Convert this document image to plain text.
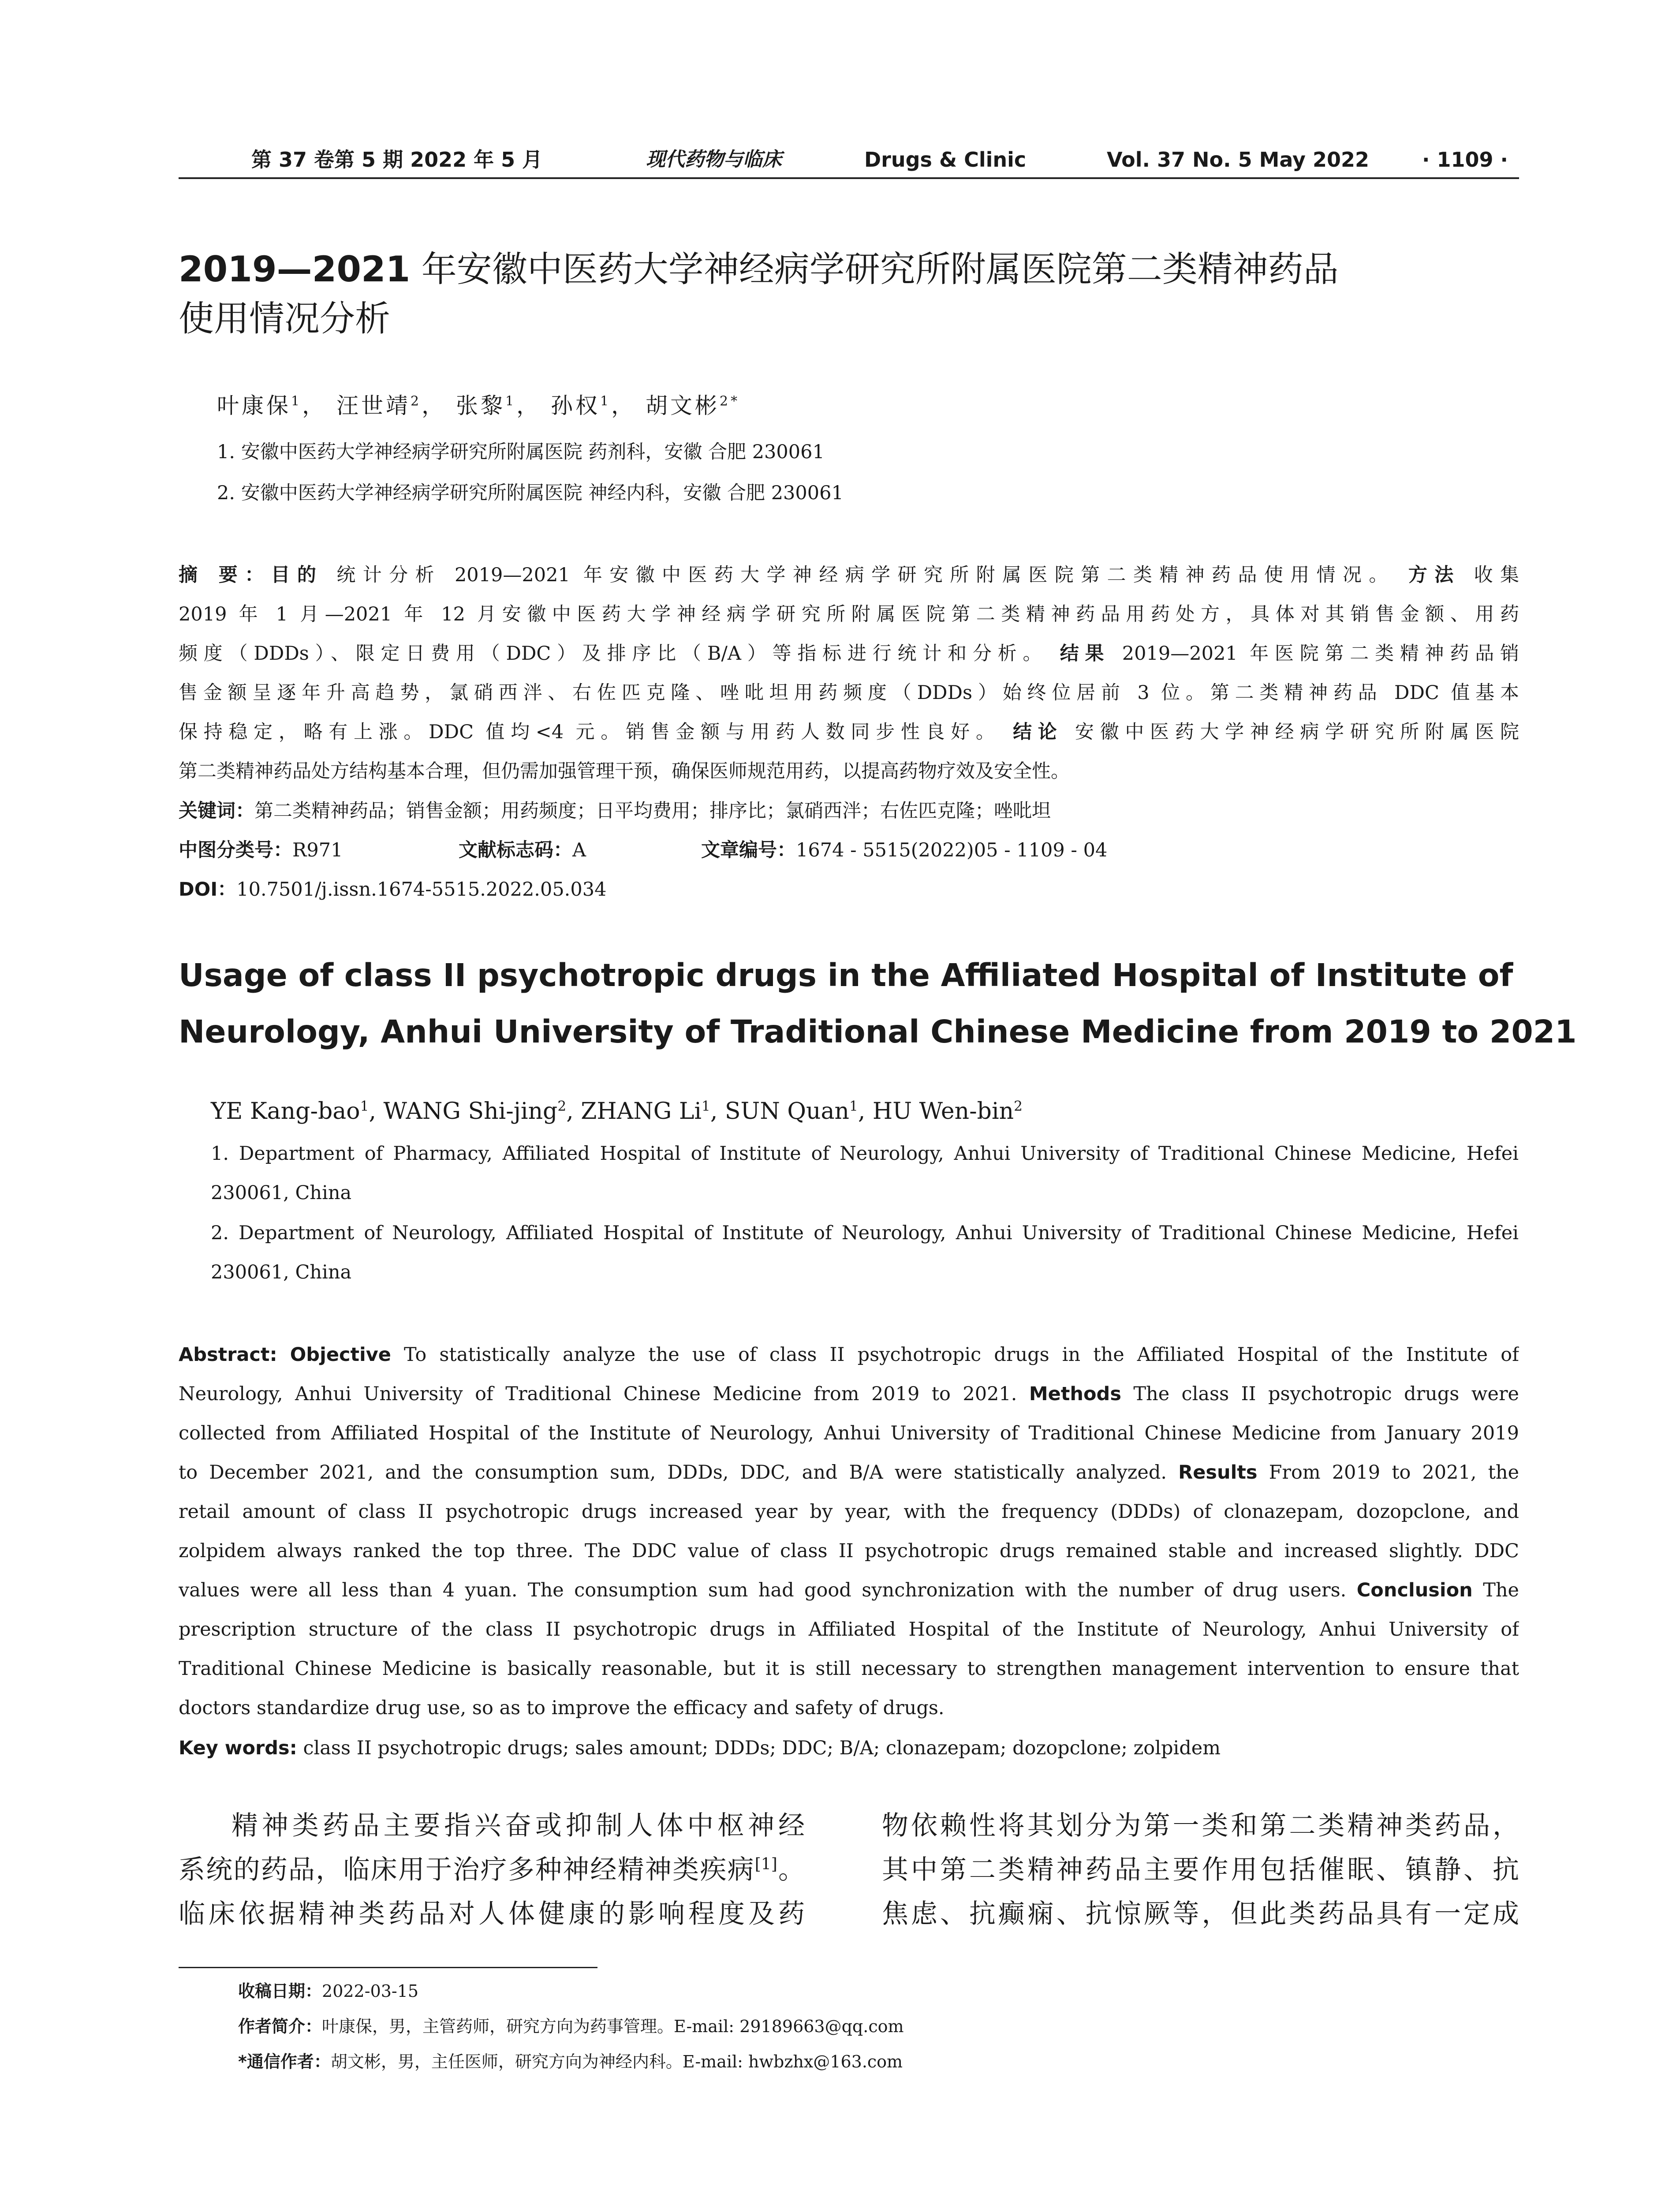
第 37 卷第 5 期 2022 年 5 月	现代药物与临床	Drugs & Clinic	Vol. 37 No. 5 May 2022	· 1109 ·
2019—2021 年安徽中医药大学神经病学研究所附属医院第二类精神药品
使用情况分析
叶康保$^1$， 汪世靖$^2$， 张黎$^1$， 孙权$^1$， 胡文彬$^{2*}$
1. 安徽中医药大学神经病学研究所附属医院 药剂科，安徽 合肥 230061
2. 安徽中医药大学神经病学研究所附属医院 神经内科，安徽 合肥 230061
摘 要：目的 统计分析 2019—2021 年安徽中医药大学神经病学研究所附属医院第二类精神药品使用情况。 方法 收集
2019 年 1 月—2021 年 12 月安徽中医药大学神经病学研究所附属医院第二类精神药品用药处方，具体对其销售金额、用药
频度（DDDs）、限定日费用（DDC）及排序比（B/A）等指标进行统计和分析。 结果 2019—2021 年医院第二类精神药品销
售金额呈逐年升高趋势，氯硝西泮、右佐匹克隆、唑吡坦用药频度（DDDs）始终位居前 3 位。第二类精神药品 DDC 值基本
保持稳定，略有上涨。DDC 值均<4 元。销售金额与用药人数同步性良好。 结论 安徽中医药大学神经病学研究所附属医院
第二类精神药品处方结构基本合理，但仍需加强管理干预，确保医师规范用药，以提高药物疗效及安全性。
关键词：第二类精神药品；销售金额；用药频度；日平均费用；排序比；氯硝西泮；右佐匹克隆；唑吡坦
中图分类号：R971	文献标志码：A	文章编号：1674 - 5515(2022)05 - 1109 - 04
DOI：10.7501/j.issn.1674-5515.2022.05.034
Usage of class II psychotropic drugs in the Affiliated Hospital of Institute of
Neurology, Anhui University of Traditional Chinese Medicine from 2019 to 2021
YE Kang-bao$^1$, WANG Shi-jing$^2$, ZHANG Li$^1$, SUN Quan$^1$, HU Wen-bin$^2$
1. Department of Pharmacy, Affiliated Hospital of Institute of Neurology, Anhui University of Traditional Chinese Medicine, Hefei
230061, China
2. Department of Neurology, Affiliated Hospital of Institute of Neurology, Anhui University of Traditional Chinese Medicine, Hefei
230061, China
Abstract: Objective To statistically analyze the use of class II psychotropic drugs in the Affiliated Hospital of the Institute of
Neurology, Anhui University of Traditional Chinese Medicine from 2019 to 2021. Methods The class II psychotropic drugs were
collected from Affiliated Hospital of the Institute of Neurology, Anhui University of Traditional Chinese Medicine from January 2019
to December 2021, and the consumption sum, DDDs, DDC, and B/A were statistically analyzed. Results From 2019 to 2021, the
retail amount of class II psychotropic drugs increased year by year, with the frequency (DDDs) of clonazepam, dozopclone, and
zolpidem always ranked the top three. The DDC value of class II psychotropic drugs remained stable and increased slightly. DDC
values were all less than 4 yuan. The consumption sum had good synchronization with the number of drug users. Conclusion The
prescription structure of the class II psychotropic drugs in Affiliated Hospital of the Institute of Neurology, Anhui University of
Traditional Chinese Medicine is basically reasonable, but it is still necessary to strengthen management intervention to ensure that
doctors standardize drug use, so as to improve the efficacy and safety of drugs.
Key words: class II psychotropic drugs; sales amount; DDDs; DDC; B/A; clonazepam; dozopclone; zolpidem
精神类药品主要指兴奋或抑制人体中枢神经
系统的药品，临床用于治疗多种神经精神类疾病[1]。
临床依据精神类药品对人体健康的影响程度及药
物依赖性将其划分为第一类和第二类精神类药品，
其中第二类精神药品主要作用包括催眠、镇静、抗
焦虑、抗癫痫、抗惊厥等，但此类药品具有一定成
收稿日期：2022-03-15
作者简介：叶康保，男，主管药师，研究方向为药事管理。E-mail: 29189663@qq.com
*通信作者：胡文彬，男，主任医师，研究方向为神经内科。E-mail: hwbzhx@163.com
